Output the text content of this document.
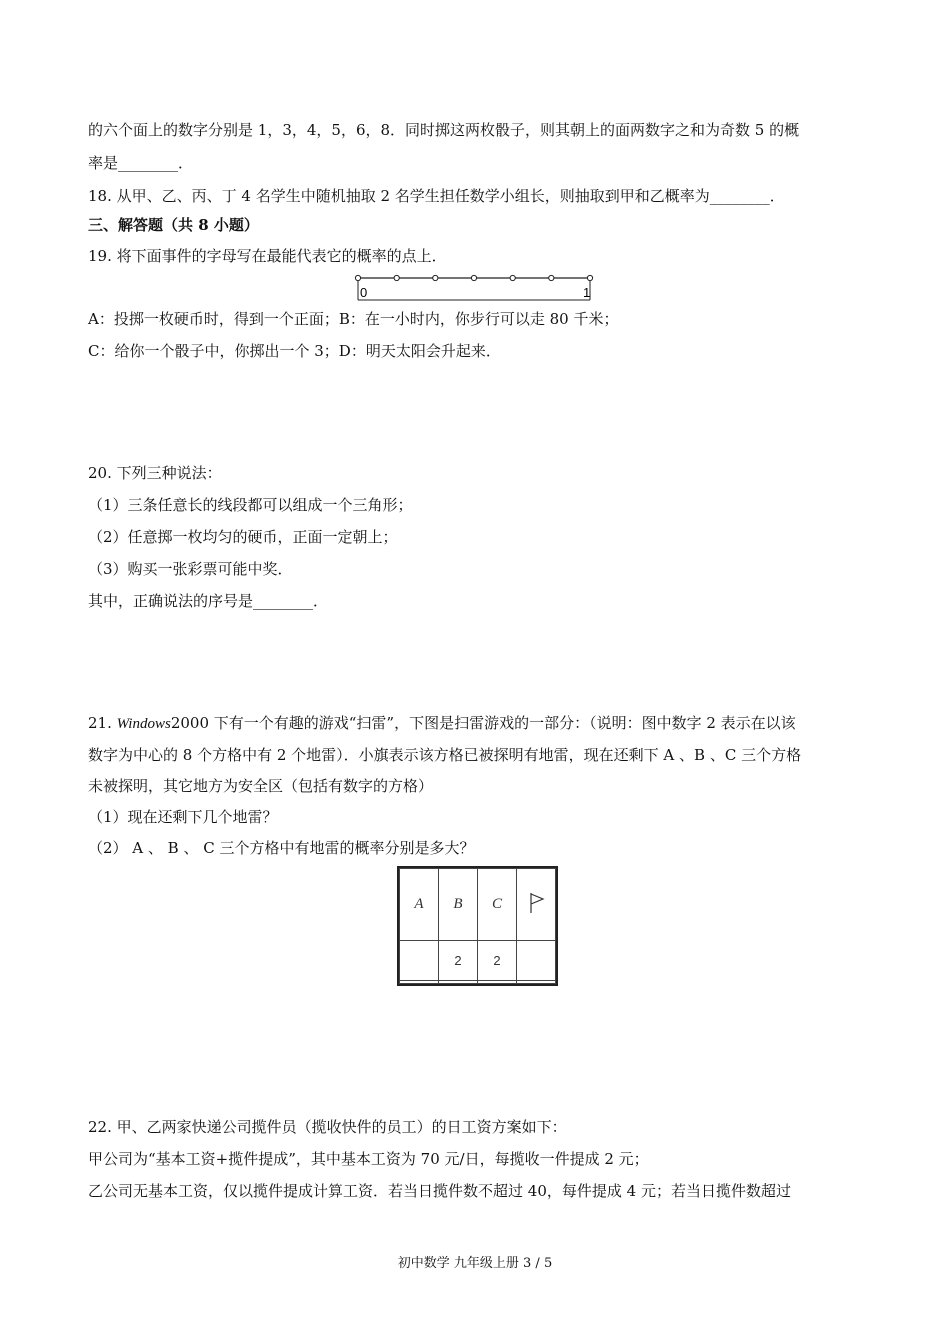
的六个面上的数字分别是 1，3，4，5，6，8．同时掷这两枚骰子，则其朝上的面两数字之和为奇数 5 的概
率是________．
18. 从甲、乙、丙、丁 4 名学生中随机抽取 2 名学生担任数学小组长，则抽取到甲和乙概率为________．
三、解答题（共 8 小题）
19. 将下面事件的字母写在最能代表它的概率的点上．
0	1
A：投掷一枚硬币时，得到一个正面；B：在一小时内，你步行可以走 80 千米；
C：给你一个骰子中，你掷出一个 3；D：明天太阳会升起来．
20. 下列三种说法：
（1）三条任意长的线段都可以组成一个三角形；
（2）任意掷一枚均匀的硬币，正面一定朝上；
（3）购买一张彩票可能中奖．
其中，正确说法的序号是________．
21. Windows2000 下有一个有趣的游戏“扫雷”，下图是扫雷游戏的一部分：（说明：图中数字 2 表示在以该
数字为中心的 8 个方格中有 2 个地雷）．小旗表示该方格已被探明有地雷，现在还剩下 A 、B 、C 三个方格
未被探明，其它地方为安全区（包括有数字的方格）
（1）现在还剩下几个地雷？
（2） A 、 B 、 C 三个方格中有地雷的概率分别是多大？
A	B	C	
	2	2	

22. 甲、乙两家快递公司揽件员（揽收快件的员工）的日工资方案如下：
甲公司为“基本工资+揽件提成”，其中基本工资为 70 元/日，每揽收一件提成 2 元；
乙公司无基本工资，仅以揽件提成计算工资．若当日揽件数不超过 40，每件提成 4 元；若当日揽件数超过
初中数学 九年级上册 3 / 5
